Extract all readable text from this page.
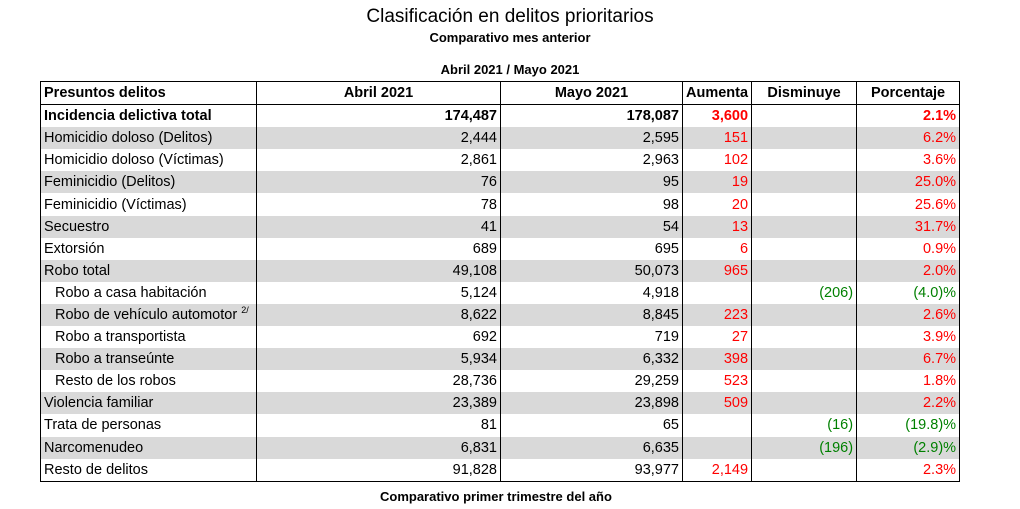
Clasificación en delitos prioritarios
Comparativo mes anterior
Abril 2021 / Mayo 2021
Presuntos delitos	Abril 2021	Mayo 2021	Aumenta	Disminuye	Porcentaje
Incidencia delictiva total	174,487	178,087	3,600		2.1%
Homicidio doloso (Delitos)	2,444	2,595	151		6.2%
Homicidio doloso (Víctimas)	2,861	2,963	102		3.6%
Feminicidio (Delitos)	76	95	19		25.0%
Feminicidio (Víctimas)	78	98	20		25.6%
Secuestro	41	54	13		31.7%
Extorsión	689	695	6		0.9%
Robo total	49,108	50,073	965		2.0%
Robo a casa habitación	5,124	4,918		(206)	(4.0)%
Robo de vehículo automotor $^{2/}$	8,622	8,845	223		2.6%
Robo a transportista	692	719	27		3.9%
Robo a transeúnte	5,934	6,332	398		6.7%
Resto de los robos	28,736	29,259	523		1.8%
Violencia familiar	23,389	23,898	509		2.2%
Trata de personas	81	65		(16)	(19.8)%
Narcomenudeo	6,831	6,635		(196)	(2.9)%
Resto de delitos	91,828	93,977	2,149		2.3%
Comparativo primer trimestre del año
